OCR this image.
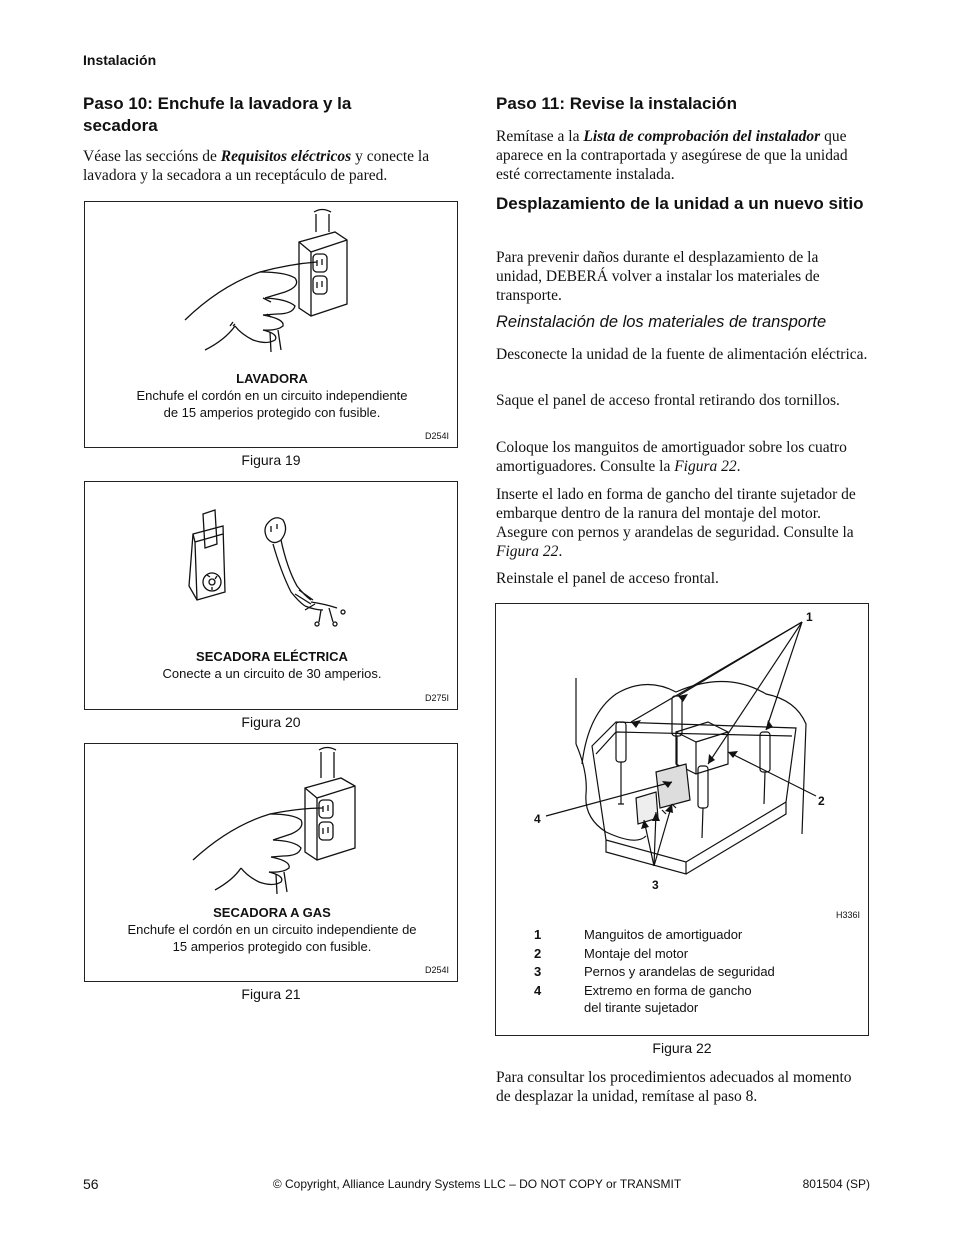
Instalación
Paso 10: Enchufe la lavadora y la secadora

Véase las seccións de Requisitos eléctricos y conecte la lavadora y la secadora a un receptáculo de pared.

LAVADORA
Enchufe el cordón en un circuito independiente
de 15 amperios protegido con fusible.
D254I
Figura 19
SECADORA ELÉCTRICA
Conecte a un circuito de 30 amperios.
D275I
Figura 20
SECADORA A GAS
Enchufe el cordón en un circuito independiente de
15 amperios protegido con fusible.
D254I
Figura 21
Paso 11: Revise la instalación

Remítase a la Lista de comprobación del instalador que aparece en la contraportada y asegúrese de que la unidad esté correctamente instalada.

Desplazamiento de la unidad a un nuevo sitio

Para prevenir daños durante el desplazamiento de la unidad, DEBERÁ volver a instalar los materiales de transporte.

Reinstalación de los materiales de transporte

Desconecte la unidad de la fuente de alimentación eléctrica.

Saque el panel de acceso frontal retirando dos tornillos.

Coloque los manguitos de amortiguador sobre los cuatro amortiguadores. Consulte la Figura 22.

Inserte el lado en forma de gancho del tirante sujetador de embarque dentro de la ranura del montaje del motor. Asegure con pernos y arandelas de seguridad. Consulte la Figura 22.

Reinstale el panel de acceso frontal.

1
2
3
4
H336I
1	Manguitos de amortiguador
2	Montaje del motor
3	Pernos y arandelas de seguridad
4	Extremo en forma de gancho
del tirante sujetador
Figura 22

Para consultar los procedimientos adecuados al momento de desplazar la unidad, remítase al paso 8.

56	© Copyright, Alliance Laundry Systems LLC – DO NOT COPY or TRANSMIT	801504 (SP)
